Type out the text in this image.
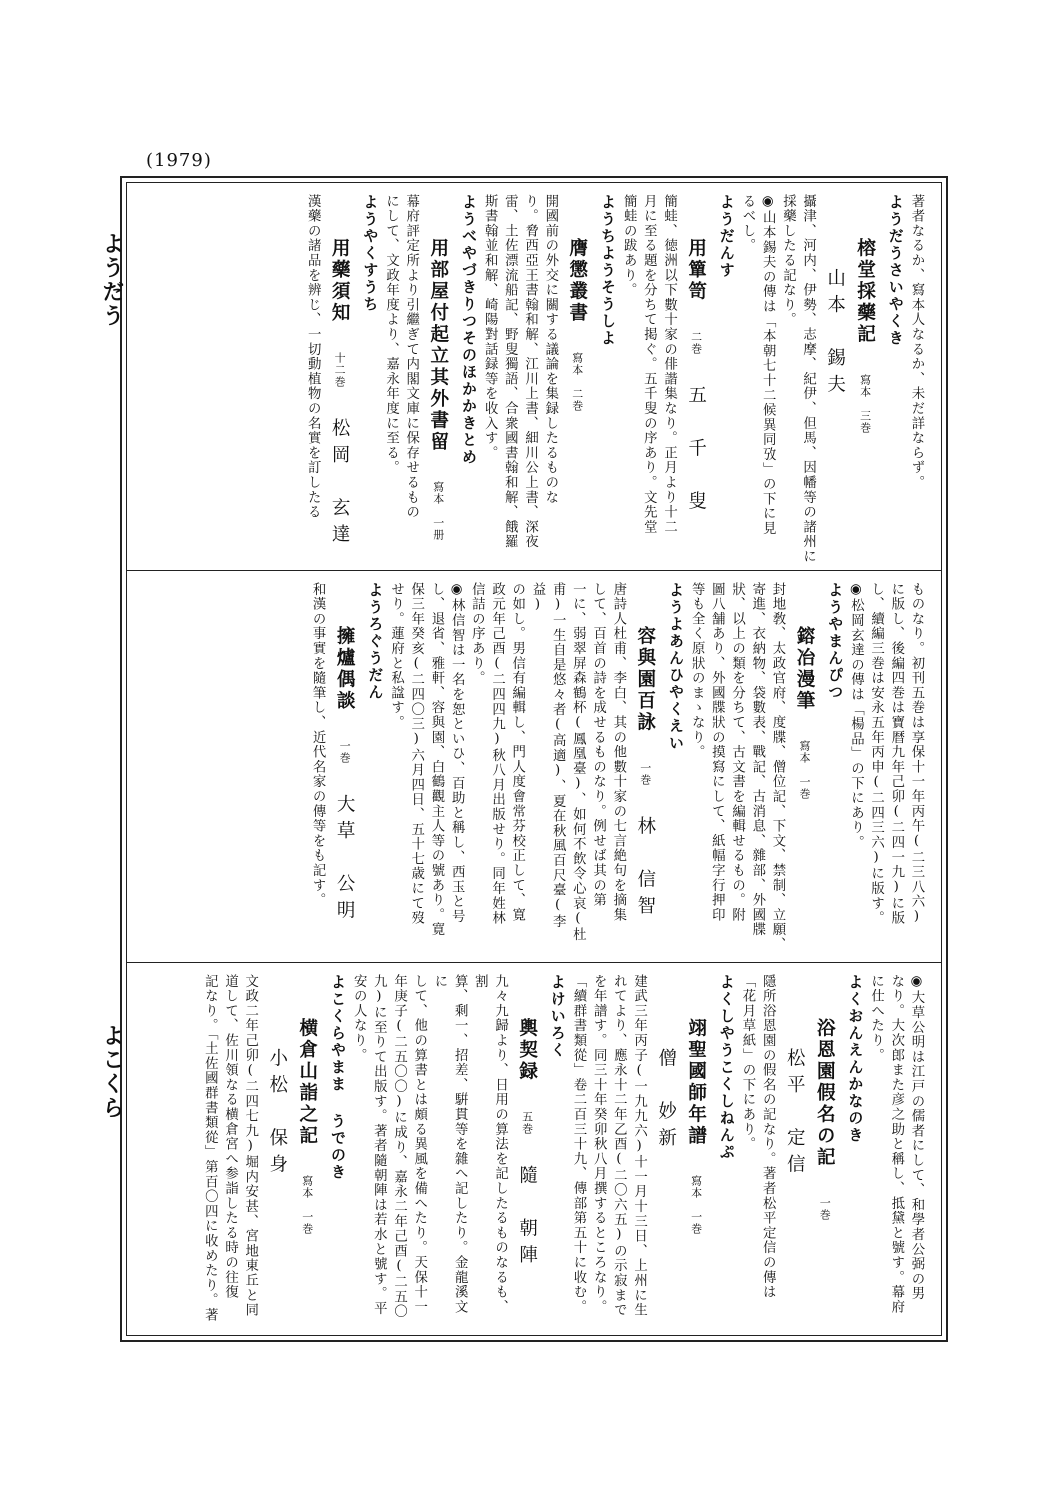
(1979)
ようだう
よこくら
著者なるか、寫本人なるか、未だ詳ならず。
ようだうさいやくき
榕堂採藥記寫本　三巻山本　錫夫
攝津、河内、伊勢、志摩、紀伊、但馬、因幡等の諸州に
採藥したる記なり。
◉山本錫夫の傳は「本朝七十二候異同攷」の下に見
るべし。
ようだんす
用簞笥二巻五　千　叟
簡蛙、徳洲以下數十家の俳諧集なり。正月より十二
月に至る題を分ちて掲ぐ。五千叟の序あり。文先堂
簡蛙の跋あり。
ようちようそうしよ
膺懲叢書寫本　二巻
開國前の外交に關する議論を集録したるものな
り。脅西亞王書翰和解、江川上書、細川公上書、深夜
雷、土佐漂流船記、野叟獨語、合衆國書翰和解、餓羅
斯書翰並和解、崎陽對話録等を收入す。
ようべやづきりつそのほかかきとめ
用部屋付起立其外書留寫本　一册
幕府評定所より引繼ぎて内閣文庫に保存せるもの
にして、文政年度より、嘉永年度に至る。
ようやくすうち
用藥須知十二巻松岡　玄達
漢藥の諸品を辨じ、一切動植物の名實を訂したる
ものなり。初刊五巻は享保十一年丙午(二三八六)
に版し、後編四巻は寶暦九年己卯(二四一九)に版
し、續編三巻は安永五年丙申(二四三六)に版す。
◉松岡玄達の傳は「楊品」の下にあり。
ようやまんぴつ
鎔冶漫筆寫本　一巻
封地敎、太政官府、度牒、僧位記、下文、禁制、立願、
寄進、衣納物、袋數表、戰記、古消息、雜部、外國牒
狀、以上の類を分ちて、古文書を編輯せるもの。附
圖八舗あり、外國牒狀の摸寫にして、紙幅字行押印
等も全く原狀のまゝなり。
ようよあんひやくえい
容與園百詠一巻林　信智
唐詩人杜甫、李白、其の他數十家の七言絶句を摘集
して、百首の詩を成せるものなり。例せば其の第
一に、弱翠屏森鶴杯(鳳凰臺)、如何不飲令心哀(杜
甫)一生自是悠々者(高適)、夏在秋風百尺臺(李益)
の如し。男信有編輯し、門人度會常芬校正して、寛
政元年己酉(二四四九)秋八月出版せり。同年姓林
信詰の序あり。
◉林信智は一名を恕といひ、百助と稱し、西玉と号
し、退省、雅軒、容與園、白鶴觀主人等の號あり。寛
保三年癸亥(二四〇三)六月四日、五十七歳にて歿
せり。蓮府と私諡す。
ようろぐうだん
擁爐偶談一巻大草　公明
和漢の事實を隨筆し、近代名家の傳等をも記す。
◉大草公明は江戸の儒者にして、和學者公弼の男
なり。大次郎また彦之助と稱し、抵黛と號す。幕府
に仕へたり。
よくおんえんかなのき
浴恩園假名の記一巻松平　定信
隱所浴恩園の假名の記なり。著者松平定信の傳は
「花月草紙」の下にあり。
よくしやうこくしねんぷ
翊聖國師年譜寫本　一巻僧　妙新
建武三年丙子(一九九六)十一月十三日、上州に生
れてより、應永十二年乙酉(二〇六五)の示寂まで
を年譜す。同三十年癸卯秋八月撰するところなり。
「續群書類從」卷二百三十九、傳部第五十に收む。
よけいろく
輿契録五巻隨　朝陣
九々九歸より、日用の算法を記したるものなるも、割
算、剩一、招差、騈貫等を雜へ記したり。金龍溪文に
して、他の算書とは頗る異風を備へたり。天保十一
年庚子(二五〇〇)に成り、嘉永二年己酉(二五〇
九)に至りて出版す。著者隨朝陣は若水と號す。平
安の人なり。
よこくらやまま うでのき
横倉山詣之記寫本　一巻小松　保身
文政二年己卯(二四七九)堀内安甚、宮地東丘と同
道して、佐川領なる横倉宮へ参詣したる時の往復
記なり。「土佐國群書類從」第百〇四に收めたり。著
